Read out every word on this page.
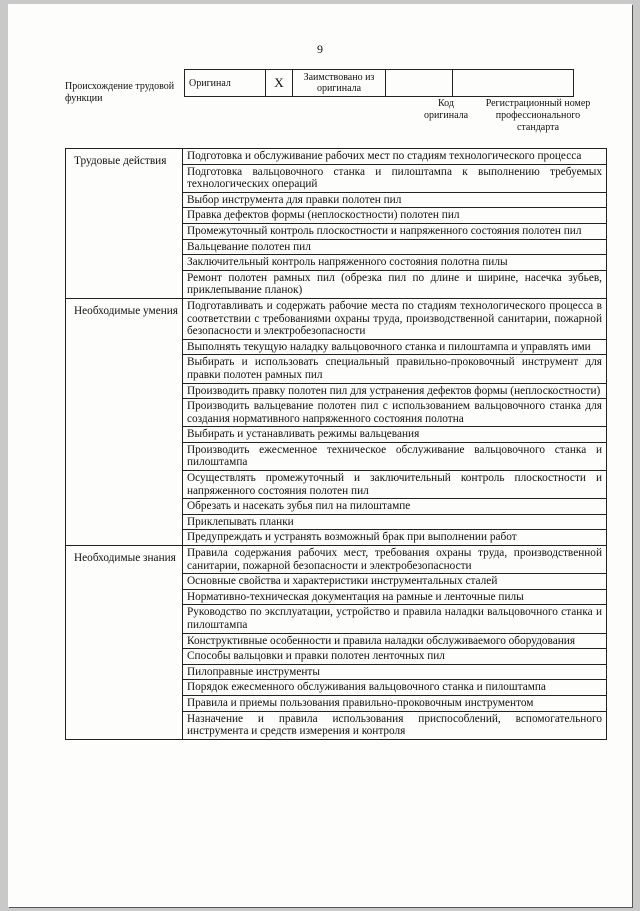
9
Происхождение трудовой функции
Оригинал	X	Заимствовано из оригинала		
Код оригинала
Регистрационный номер профессионального стандарта
Трудовые действия	Подготовка и обслуживание рабочих мест по стадиям технологического процесса
	Подготовка вальцовочного станка и пилоштампа к выполнению требуемых технологических операций
	Выбор инструмента для правки полотен пил
	Правка дефектов формы (неплоскостности) полотен пил
	Промежуточный контроль плоскостности и напряженного состояния полотен пил
	Вальцевание полотен пил
	Заключительный контроль напряженного состояния полотна пилы
	Ремонт полотен рамных пил (обрезка пил по длине и ширине, насечка зубьев, приклепывание планок)
Необходимые умения	Подготавливать и содержать рабочие места по стадиям технологического процесса в соответствии с требованиями охраны труда, производственной санитарии, пожарной безопасности и электробезопасности
	Выполнять текущую наладку вальцовочного станка и пилоштампа и управлять ими
	Выбирать и использовать специальный правильно-проковочный инструмент для правки полотен рамных пил
	Производить правку полотен пил для устранения дефектов формы (неплоскостности)
	Производить вальцевание полотен пил с использованием вальцовочного станка для создания нормативного напряженного состояния полотна
	Выбирать и устанавливать режимы вальцевания
	Производить ежесменное техническое обслуживание вальцовочного станка и пилоштампа
	Осуществлять промежуточный и заключительный контроль плоскостности и напряженного состояния полотен пил
	Обрезать и насекать зубья пил на пилоштампе
	Приклепывать планки
	Предупреждать и устранять возможный брак при выполнении работ
Необходимые знания	Правила содержания рабочих мест, требования охраны труда, производственной санитарии, пожарной безопасности и электробезопасности
	Основные свойства и характеристики инструментальных сталей
	Нормативно-техническая документация на рамные и ленточные пилы
	Руководство по эксплуатации, устройство и правила наладки вальцовочного станка и пилоштампа
	Конструктивные особенности и правила наладки обслуживаемого оборудования
	Способы вальцовки и правки полотен ленточных пил
	Пилоправные инструменты
	Порядок ежесменного обслуживания вальцовочного станка и пилоштампа
	Правила и приемы пользования правильно-проковочным инструментом
	Назначение и правила использования приспособлений, вспомогательного инструмента и средств измерения и контроля
